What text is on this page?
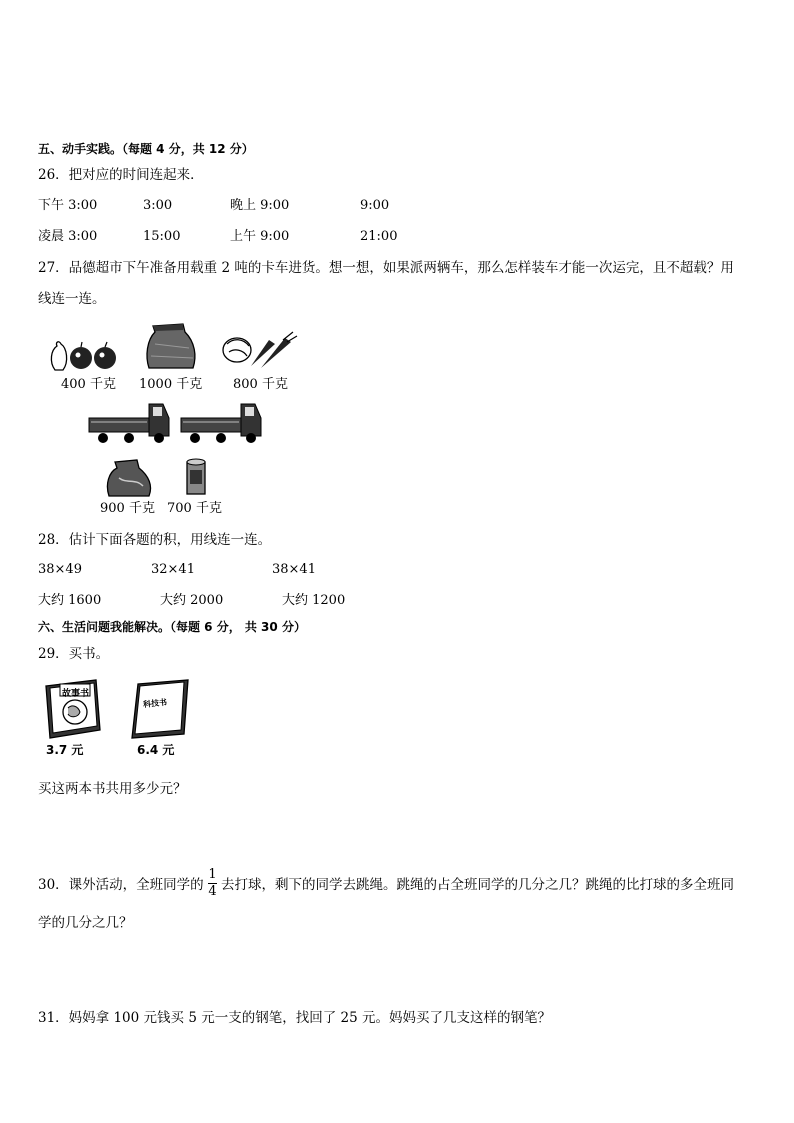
五、动手实践。（每题 4 分，共 12 分）
26．把对应的时间连起来．
下午 3:00	3:00	晚上 9:00	9:00
凌晨 3:00	15:00	上午 9:00	21:00
27．品德超市下午准备用载重 2 吨的卡车进货。想一想，如果派两辆车，那么怎样装车才能一次运完，且不超载？用
线连一连。
400 千克 1000 千克 800 千克
900 千克 700 千克
28．估计下面各题的积，用线连一连。
38×49	32×41	38×41
大约 1600	大约 2000	大约 1200
六、生活问题我能解决。（每题 6 分， 共 30 分）
29．买书。
故事书
科技书
3.7 元	6.4 元
买这两本书共用多少元？
30．课外活动，全班同学的
1
4 去打球，剩下的同学去跳绳。跳绳的占全班同学的几分之几？跳绳的比打球的多全班同
学的几分之几？
31．妈妈拿 100 元钱买 5 元一支的钢笔，找回了 25 元。妈妈买了几支这样的钢笔？
